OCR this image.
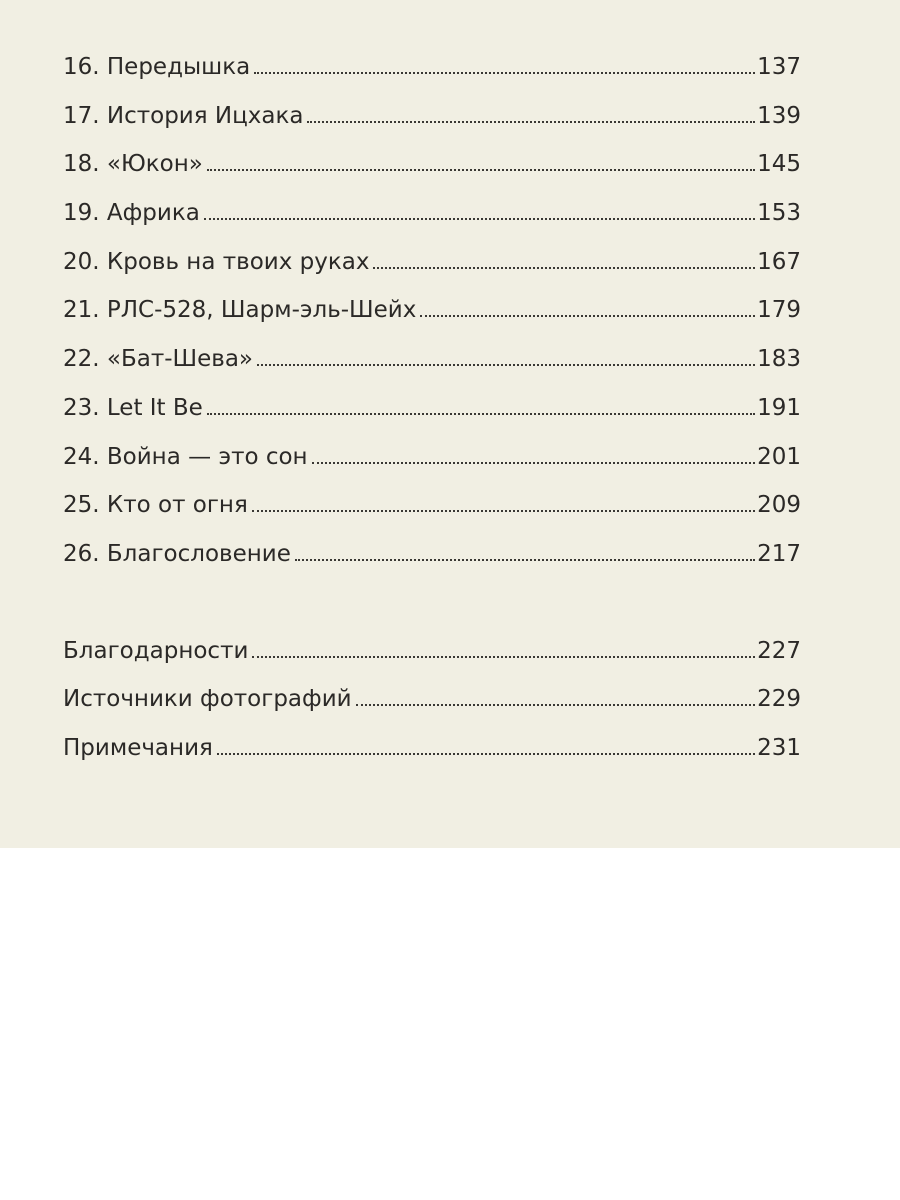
16. Передышка	137
17. История Ицхака	139
18. «Юкон»	145
19. Африка	153
20. Кровь на твоих руках	167
21. РЛС-528, Шарм-эль-Шейх	179
22. «Бат-Шева»	183
23. Let It Be	191
24. Война — это сон	201
25. Кто от огня	209
26. Благословение	217
Благодарности	227
Источники фотографий	229
Примечания	231
